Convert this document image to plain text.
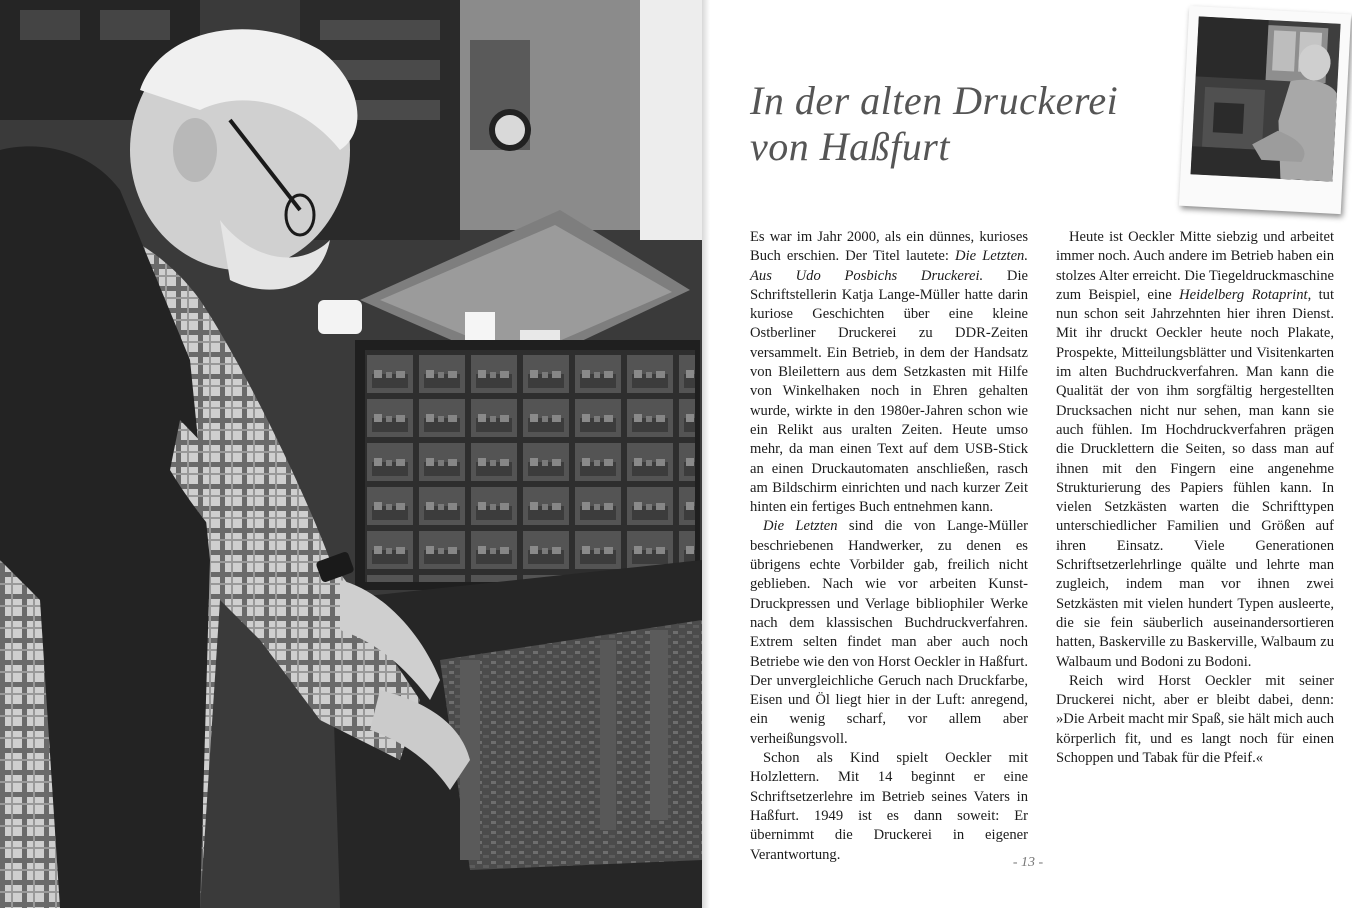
In der alten Druckerei
von Haßfurt

Es war im Jahr 2000, als ein dünnes, kurioses Buch erschien. Der Titel lautete: Die Letzten. Aus Udo Posbichs Druckerei. Die Schriftstellerin Katja Lange-Müller hatte darin kuriose Geschichten über eine kleine Ostberliner Druckerei zu DDR-Zeiten versammelt. Ein Betrieb, in dem der Handsatz von Bleilettern aus dem Setzkasten mit Hilfe von Winkelhaken noch in Ehren gehalten wurde, wirkte in den 1980er-Jahren schon wie ein Relikt aus uralten Zeiten. Heute umso mehr, da man einen Text auf dem USB-Stick an einen Druckautomaten anschließen, rasch am Bildschirm einrichten und nach kurzer Zeit hinten ein fertiges Buch entnehmen kann.

Die Letzten sind die von Lange-Müller beschriebenen Handwerker, zu denen es übrigens echte Vorbilder gab, freilich nicht geblieben. Nach wie vor arbeiten Kunst-Druckpressen und Verlage bibliophiler Werke nach dem klassischen Buchdruckverfahren. Extrem selten findet man aber auch noch Betriebe wie den von Horst Oeckler in Haßfurt. Der unvergleichliche Geruch nach Druckfarbe, Eisen und Öl liegt hier in der Luft: anregend, ein wenig scharf, vor allem aber verheißungsvoll.

Schon als Kind spielt Oeckler mit Holzlettern. Mit 14 beginnt er eine Schriftsetzerlehre im Betrieb seines Vaters in Haßfurt. 1949 ist es dann soweit: Er übernimmt die Druckerei in eigener Verantwortung.

Heute ist Oeckler Mitte siebzig und arbeitet immer noch. Auch andere im Betrieb haben ein stolzes Alter erreicht. Die Tiegeldruckmaschine zum Beispiel, eine Heidelberg Rotaprint, tut nun schon seit Jahrzehnten hier ihren Dienst. Mit ihr druckt Oeckler heute noch Plakate, Prospekte, Mitteilungsblätter und Visitenkarten im alten Buchdruckverfahren. Man kann die Qualität der von ihm sorgfältig hergestellten Drucksachen nicht nur sehen, man kann sie auch fühlen. Im Hochdruckverfahren prägen die Drucklettern die Seiten, so dass man auf ihnen mit den Fingern eine angenehme Strukturierung des Papiers fühlen kann. In vielen Setzkästen warten die Schrifttypen unterschiedlicher Familien und Größen auf ihren Einsatz. Viele Generationen Schriftsetzerlehrlinge quälte und lehrte man zugleich, indem man vor ihnen zwei Setzkästen mit vielen hundert Typen ausleerte, die sie fein säuberlich auseinandersortieren hatten, Baskerville zu Baskerville, Walbaum zu Walbaum und Bodoni zu Bodoni.

Reich wird Horst Oeckler mit seiner Druckerei nicht, aber er bleibt dabei, denn: »Die Arbeit macht mir Spaß, sie hält mich auch körperlich fit, und es langt noch für einen Schoppen und Tabak für die Pfeif.«

- 13 -
